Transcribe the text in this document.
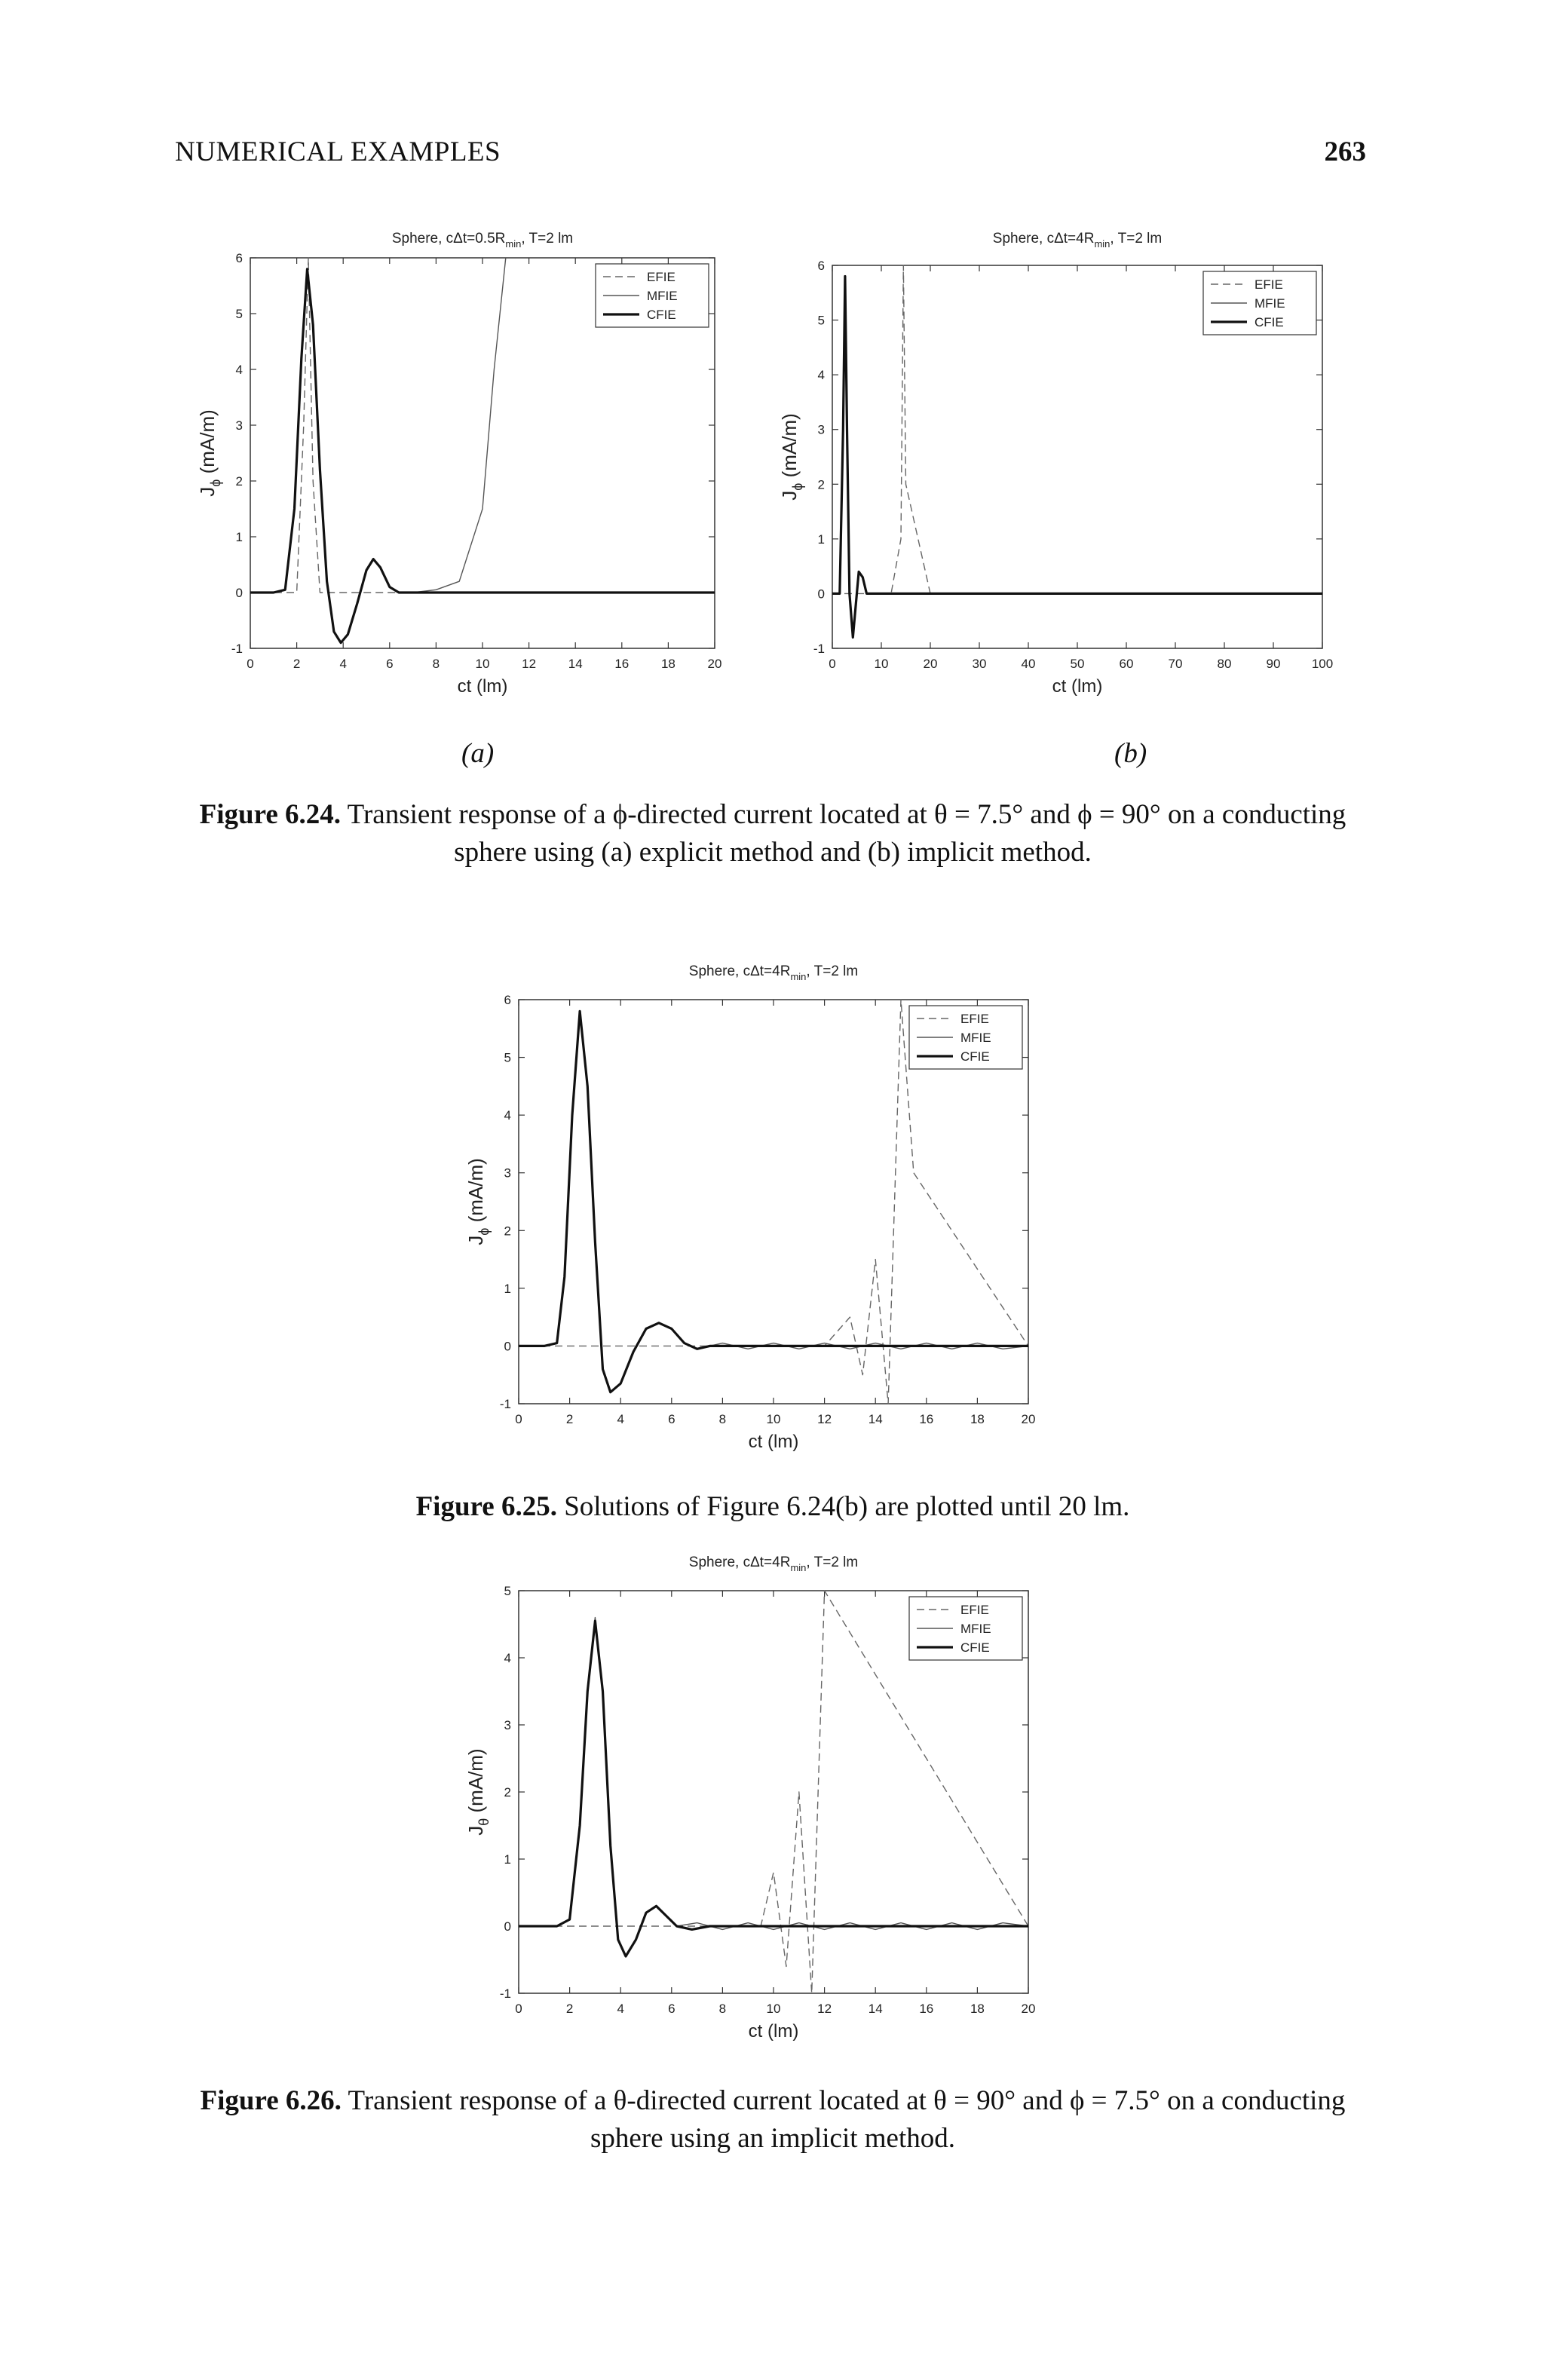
NUMERICAL EXAMPLES	263
Sphere, $c\Delta t=0.5R_{min}$, T=2 lm
0	2	4	6	8	10	12	14	16	18	20
-1
0
1
2
3
4
5
6
ct (lm)
$J_\phi$ (mA/m)
EFIE
MFIE
CFIE
Sphere, $c\Delta t=4R_{min}$, T=2 lm
0	10	20	30	40	50	60	70	80	90 100
-1
0
1
2
3
4
5
6
ct (lm)
$J_\phi$ (mA/m)
EFIE
MFIE
CFIE
(a)	(b)
Figure 6.24. Transient response of a ϕ-directed current located at θ = 7.5° and ϕ = 90° on a conducting sphere using (a) explicit method and (b) implicit method.
Sphere, $c\Delta t=4R_{min}$, T=2 lm
0	2	4	6	8	10	12	14	16	18	20
-1
0
1
2
3
4
5
6
ct (lm)
$J_\phi$ (mA/m)
EFIE
MFIE
CFIE
Figure 6.25. Solutions of Figure 6.24(b) are plotted until 20 lm.
Sphere, $c\Delta t=4R_{min}$, T=2 lm
0	2	4	6	8	10	12	14	16	18	20
-1
0
1
2
3
4
5
ct (lm)
$J_\theta$ (mA/m)
EFIE
MFIE
CFIE
Figure 6.26. Transient response of a θ-directed current located at θ = 90° and ϕ = 7.5° on a conducting sphere using an implicit method.
